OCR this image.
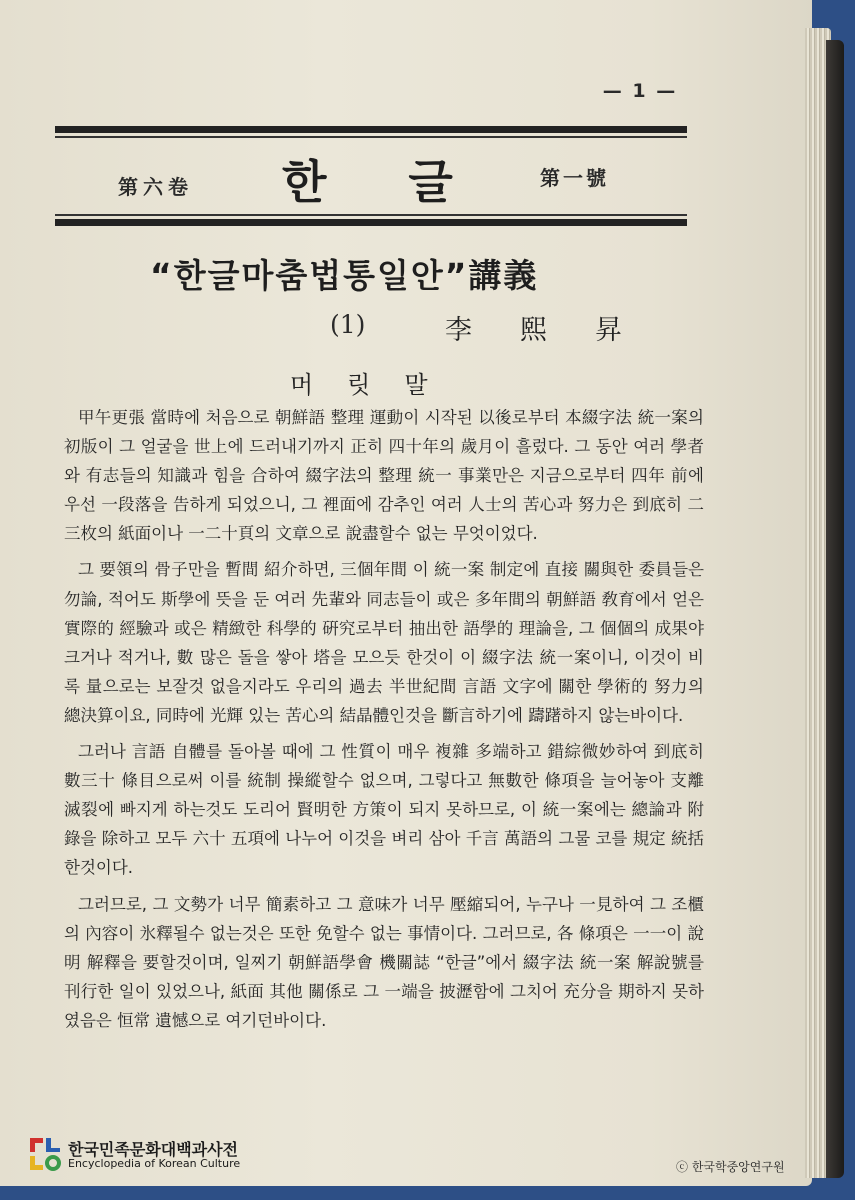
— 1 —
第六卷 한글 第一號
“한글마춤법통일안”講義
(1)	李熙昇
머릿말

甲午更張 當時에 처음으로 朝鮮語 整理 運動이 시작된 以後로부터 本綴字法 統一案의 初版이 그 얼굴을 世上에 드러내기까지 正히 四十年의 歲月이 흘렀다. 그 동안 여러 學者와 有志들의 知識과 힘을 合하여 綴字法의 整理 統一 事業만은 지금으로부터 四年 前에 우선 一段落을 告하게 되었으니, 그 裡面에 감추인 여러 人士의 苦心과 努力은 到底히 二三枚의 紙面이나 一二十頁의 文章으로 說盡할수 없는 무엇이었다.

그 要領의 骨子만을 暫間 紹介하면, 三個年間 이 統一案 制定에 直接 關與한 委員들은 勿論, 적어도 斯學에 뜻을 둔 여러 先輩와 同志들이 或은 多年間의 朝鮮語 敎育에서 얻은 實際的 經驗과 或은 精緻한 科學的 硏究로부터 抽出한 語學的 理論을, 그 個個의 成果야 크거나 적거나, 數 많은 돌을 쌓아 塔을 모으듯 한것이 이 綴字法 統一案이니, 이것이 비록 量으로는 보잘것 없을지라도 우리의 過去 半世紀間 言語 文字에 關한 學術的 努力의 總決算이요, 同時에 光輝 있는 苦心의 結晶體인것을 斷言하기에 躊躇하지 않는바이다.

그러나 言語 自體를 돌아볼 때에 그 性質이 매우 複雜 多端하고 錯綜微妙하여 到底히 數三十 條目으로써 이를 統制 操縱할수 없으며, 그렇다고 無數한 條項을 늘어놓아 支離滅裂에 빠지게 하는것도 도리어 賢明한 方策이 되지 못하므로, 이 統一案에는 總論과 附錄을 除하고 모두 六十 五項에 나누어 이것을 벼리 삼아 千言 萬語의 그물 코를 規定 統括한것이다.

그러므로, 그 文勢가 너무 簡素하고 그 意味가 너무 壓縮되어, 누구나 一見하여 그 조櫃의 內容이 氷釋될수 없는것은 또한 免할수 없는 事情이다. 그러므로, 各 條項은 一一이 說明 解釋을 要할것이며, 일찌기 朝鮮語學會 機關誌 “한글”에서 綴字法 統一案 解說號를 刊行한 일이 있었으나, 紙面 其他 關係로 그 一端을 披瀝함에 그치어 充分을 期하지 못하였음은 恒常 遺憾으로 여기던바이다.

한국민족문화대백과사전
Encyclopedia of Korean Culture	ⓒ 한국학중앙연구원
